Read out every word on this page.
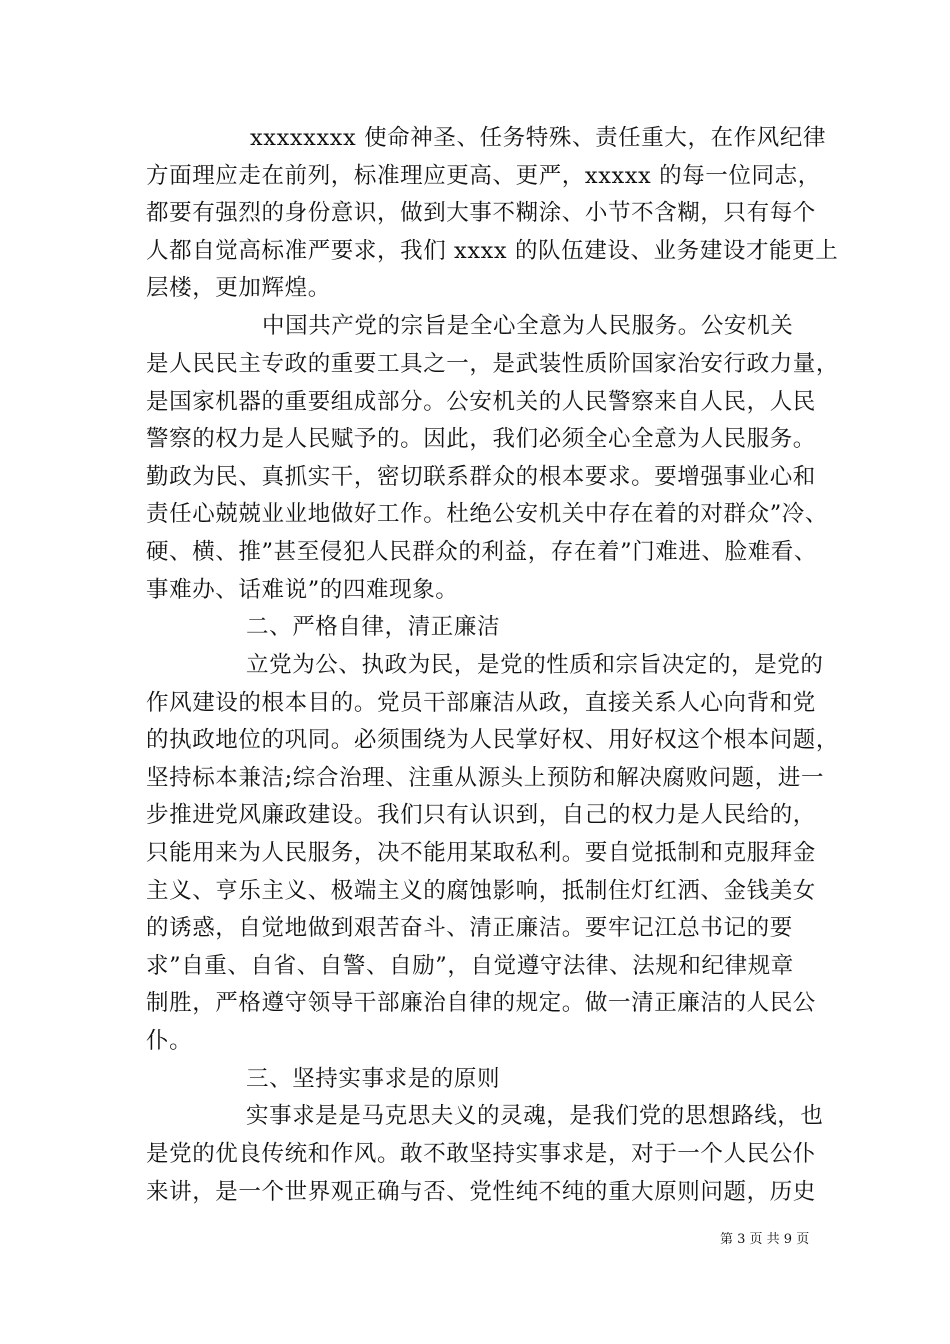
xxxxxxxx 使命神圣、任务特殊、责任重大，在作风纪律
方面理应走在前列，标准理应更高、更严，xxxxx 的每一位同志，
都要有强烈的身份意识，做到大事不糊涂、小节不含糊，只有每个
人都自觉高标准严要求，我们 xxxx 的队伍建设、业务建设才能更上
层楼，更加辉煌。
中国共产党的宗旨是全心全意为人民服务。公安机关
是人民民主专政的重要工具之一，是武装性质阶国家治安行政力量，
是国家机器的重要组成部分。公安机关的人民警察来自人民，人民
警察的权力是人民赋予的。因此，我们必须全心全意为人民服务。
勤政为民、真抓实干，密切联系群众的根本要求。要增强事业心和
责任心兢兢业业地做好工作。杜绝公安机关中存在着的对群众”冷、
硬、横、推”甚至侵犯人民群众的利益，存在着”门难进、脸难看、
事难办、话难说”的四难现象。
二、严格自律，清正廉洁
立党为公、执政为民，是党的性质和宗旨决定的，是党的
作风建设的根本目的。党员干部廉洁从政，直接关系人心向背和党
的执政地位的巩同。必须围绕为人民掌好权、用好权这个根本问题，
坚持标本兼洁;综合治理、注重从源头上预防和解决腐败问题，进一
步推进党风廉政建设。我们只有认识到，自己的权力是人民给的，
只能用来为人民服务，决不能用某取私利。要自觉抵制和克服拜金
主义、亨乐主义、极端主义的腐蚀影响，抵制住灯红洒、金钱美女
的诱惑，自觉地做到艰苦奋斗、清正廉洁。要牢记江总书记的要
求”自重、自省、自警、自励”，自觉遵守法律、法规和纪律规章
制胜，严格遵守领导干部廉治自律的规定。做一清正廉洁的人民公
仆。
三、坚持实事求是的原则
实事求是是马克思夫义的灵魂，是我们党的思想路线，也
是党的优良传统和作风。敢不敢坚持实事求是，对于一个人民公仆
来讲，是一个世界观正确与否、党性纯不纯的重大原则问题，历史
第 3 页 共 9 页
